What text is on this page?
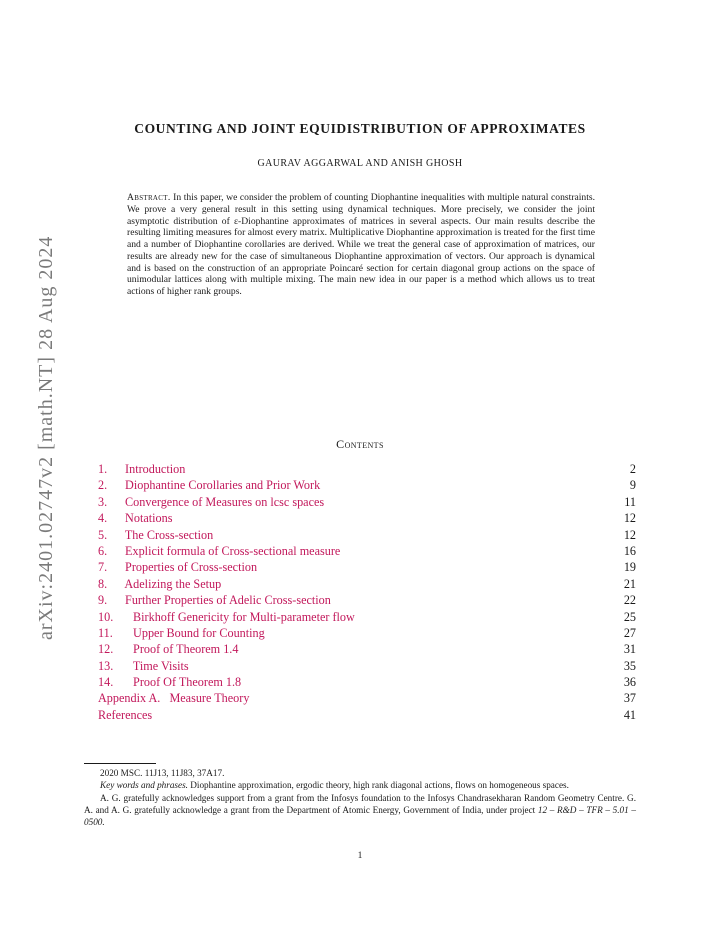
arXiv:2401.02747v2 [math.NT] 28 Aug 2024
COUNTING AND JOINT EQUIDISTRIBUTION OF APPROXIMATES
GAURAV AGGARWAL AND ANISH GHOSH
Abstract. In this paper, we consider the problem of counting Diophantine inequalities with multiple natural constraints. We prove a very general result in this setting using dynamical techniques. More precisely, we consider the joint asymptotic distribution of ε-Diophantine approximates of matrices in several aspects. Our main results describe the resulting limiting measures for almost every matrix. Multiplicative Diophantine approximation is treated for the first time and a number of Diophantine corollaries are derived. While we treat the general case of approximation of matrices, our results are already new for the case of simultaneous Diophantine approximation of vectors. Our approach is dynamical and is based on the construction of an appropriate Poincaré section for certain diagonal group actions on the space of unimodular lattices along with multiple mixing. The main new idea in our paper is a method which allows us to treat actions of higher rank groups.
Contents
1. Introduction	2
2. Diophantine Corollaries and Prior Work	9
3. Convergence of Measures on lcsc spaces	11
4. Notations	12
5. The Cross-section	12
6. Explicit formula of Cross-sectional measure	16
7. Properties of Cross-section	19
8. Adelizing the Setup	21
9. Further Properties of Adelic Cross-section	22
10. Birkhoff Genericity for Multi-parameter flow	25
11. Upper Bound for Counting	27
12. Proof of Theorem 1.4	31
13. Time Visits	35
14. Proof Of Theorem 1.8	36
Appendix A. Measure Theory	37
References	41

2020 MSC. 11J13, 11J83, 37A17.

Key words and phrases. Diophantine approximation, ergodic theory, high rank diagonal actions, flows on homogeneous spaces.

A. G. gratefully acknowledges support from a grant from the Infosys foundation to the Infosys Chandrasekharan Random Geometry Centre. G. A. and A. G. gratefully acknowledge a grant from the Department of Atomic Energy, Government of India, under project 12 – R&D – TFR – 5.01 – 0500.

1
